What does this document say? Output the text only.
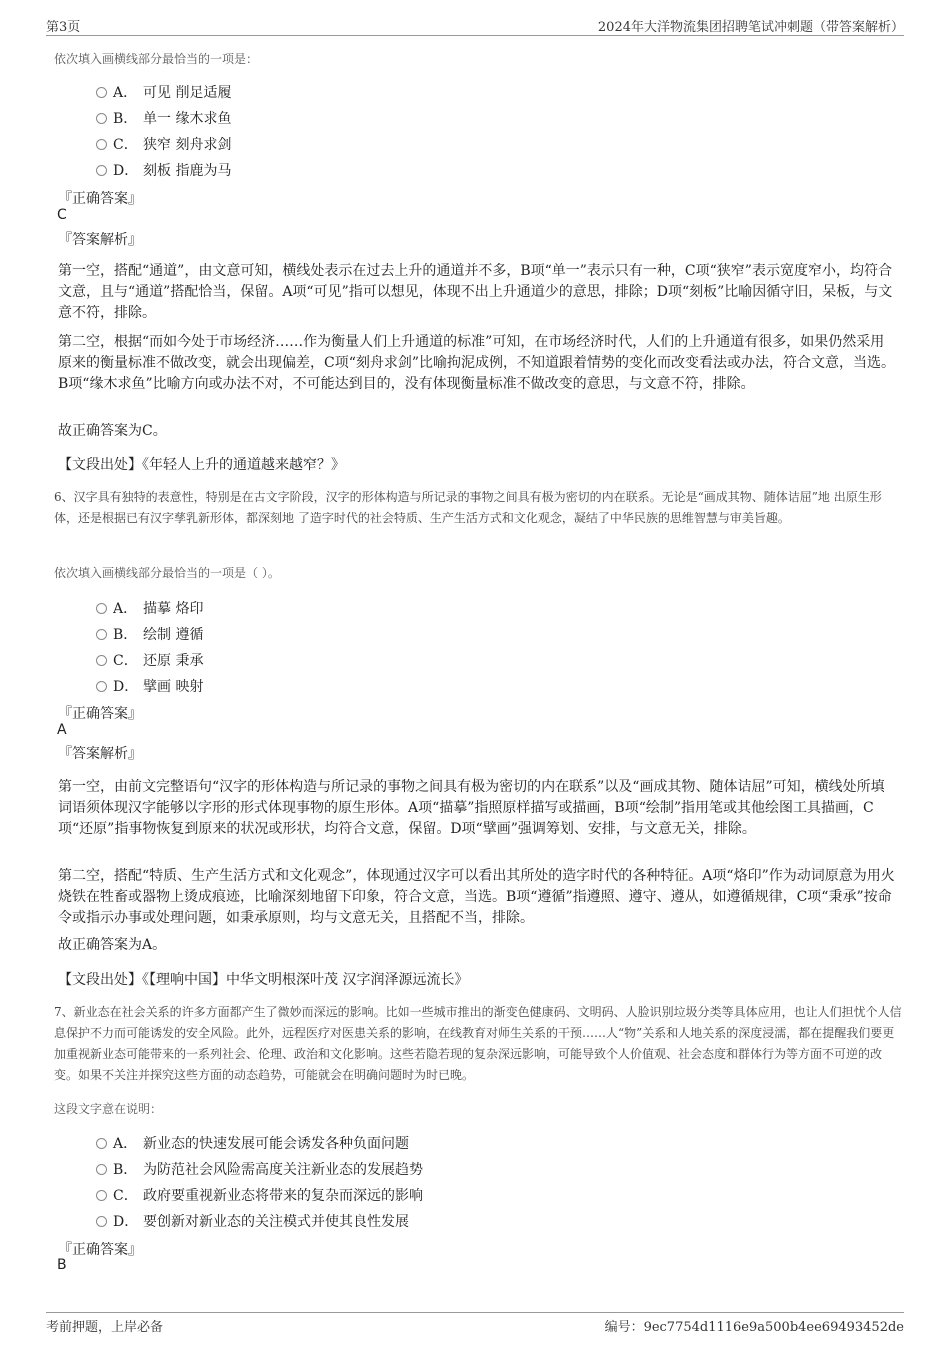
第3页	2024年大洋物流集团招聘笔试冲刺题（带答案解析）
依次填入画横线部分最恰当的一项是：
A． 可见 削足适履
B． 单一 缘木求鱼
C． 狭窄 刻舟求剑
D． 刻板 指鹿为马
『正确答案』
C
『答案解析』
第一空，搭配“通道”，由文意可知，横线处表示在过去上升的通道并不多，B项“单一”表示只有一种，C项“狭窄”表示宽度窄小，均符合文意，且与“通道”搭配恰当，保留。A项“可见”指可以想见，体现不出上升通道少的意思，排除；D项“刻板”比喻因循守旧，呆板，与文意不符，排除。
第二空，根据“而如今处于市场经济……作为衡量人们上升通道的标准”可知，在市场经济时代，人们的上升通道有很多，如果仍然采用原来的衡量标准不做改变，就会出现偏差，C项“刻舟求剑”比喻拘泥成例，不知道跟着情势的变化而改变看法或办法，符合文意，当选。B项“缘木求鱼”比喻方向或办法不对，不可能达到目的，没有体现衡量标准不做改变的意思，与文意不符，排除。
故正确答案为C。
【文段出处】《年轻人上升的通道越来越窄？》
6、汉字具有独特的表意性，特别是在古文字阶段，汉字的形体构造与所记录的事物之间具有极为密切的内在联系。无论是“画成其物、随体诘屈”地 出原生形体，还是根据已有汉字孳乳新形体，都深刻地 了造字时代的社会特质、生产生活方式和文化观念，凝结了中华民族的思维智慧与审美旨趣。
依次填入画横线部分最恰当的一项是（ ）。
A． 描摹 烙印
B． 绘制 遵循
C． 还原 秉承
D． 擘画 映射
『正确答案』
A
『答案解析』
第一空，由前文完整语句“汉字的形体构造与所记录的事物之间具有极为密切的内在联系”以及“画成其物、随体诘屈”可知，横线处所填词语须体现汉字能够以字形的形式体现事物的原生形体。A项“描摹”指照原样描写或描画，B项“绘制”指用笔或其他绘图工具描画，C项“还原”指事物恢复到原来的状况或形状，均符合文意，保留。D项“擘画”强调筹划、安排，与文意无关，排除。
第二空，搭配“特质、生产生活方式和文化观念”，体现通过汉字可以看出其所处的造字时代的各种特征。A项“烙印”作为动词原意为用火烧铁在牲畜或器物上烫成痕迹，比喻深刻地留下印象，符合文意，当选。B项“遵循”指遵照、遵守、遵从，如遵循规律，C项“秉承”按命令或指示办事或处理问题，如秉承原则，均与文意无关，且搭配不当，排除。
故正确答案为A。
【文段出处】《【理响中国】中华文明根深叶茂 汉字润泽源远流长》
7、新业态在社会关系的许多方面都产生了微妙而深远的影响。比如一些城市推出的渐变色健康码、文明码、人脸识别垃圾分类等具体应用，也让人们担忧个人信息保护不力而可能诱发的安全风险。此外，远程医疗对医患关系的影响，在线教育对师生关系的干预……人“物”关系和人地关系的深度浸濡，都在提醒我们要更加重视新业态可能带来的一系列社会、伦理、政治和文化影响。这些若隐若现的复杂深远影响，可能导致个人价值观、社会态度和群体行为等方面不可逆的改变。如果不关注并探究这些方面的动态趋势，可能就会在明确问题时为时已晚。
这段文字意在说明：
A． 新业态的快速发展可能会诱发各种负面问题
B． 为防范社会风险需高度关注新业态的发展趋势
C． 政府要重视新业态将带来的复杂而深远的影响
D． 要创新对新业态的关注模式并使其良性发展
『正确答案』
B
考前押题，上岸必备	编号：9ec7754d1116e9a500b4ee69493452de
